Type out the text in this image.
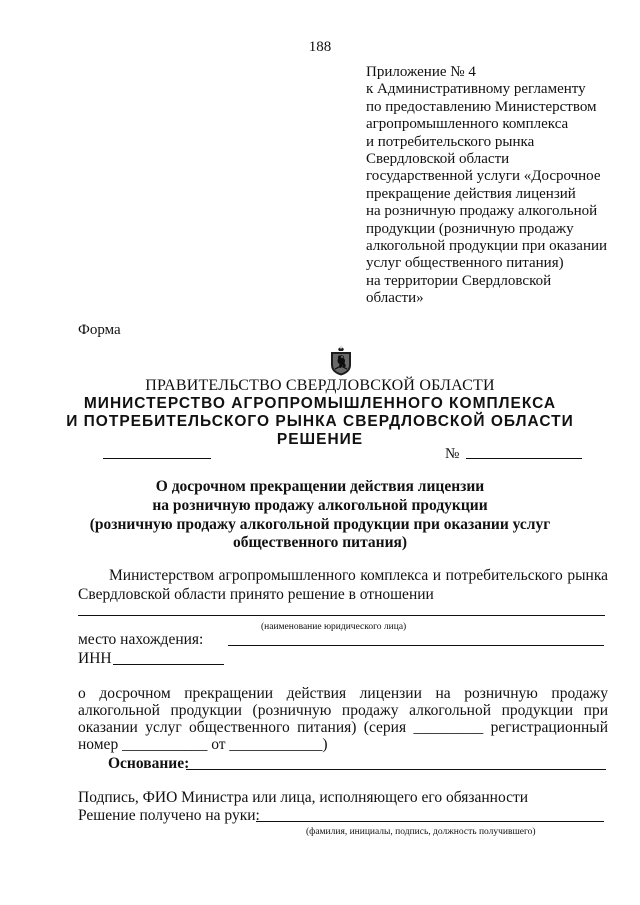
188
Приложение № 4
к Административному регламенту
по предоставлению Министерством
агропромышленного комплекса
и потребительского рынка
Свердловской области
государственной услуги «Досрочное
прекращение действия лицензий
на розничную продажу алкогольной
продукции (розничную продажу
алкогольной продукции при оказании
услуг общественного питания)
на территории Свердловской
области»
Форма
ПРАВИТЕЛЬСТВО СВЕРДЛОВСКОЙ ОБЛАСТИ
МИНИСТЕРСТВО АГРОПРОМЫШЛЕННОГО КОМПЛЕКСА
И ПОТРЕБИТЕЛЬСКОГО РЫНКА СВЕРДЛОВСКОЙ ОБЛАСТИ
РЕШЕНИЕ
№
О досрочном прекращении действия лицензии
на розничную продажу алкогольной продукции
(розничную продажу алкогольной продукции при оказании услуг
общественного питания)
Министерством агропромышленного комплекса и потребительского рынка
Свердловской области принято решение в отношении
(наименование юридического лица)
место нахождения:
ИНН
о досрочном прекращении действия лицензии на розничную продажу
алкогольной продукции (розничную продажу алкогольной продукции при
оказании услуг общественного питания) (серия _________ регистрационный
номер ___________ от ____________)
Основание:
Подпись, ФИО Министра или лица, исполняющего его обязанности
Решение получено на руки:
(фамилия, инициалы, подпись, должность получившего)
